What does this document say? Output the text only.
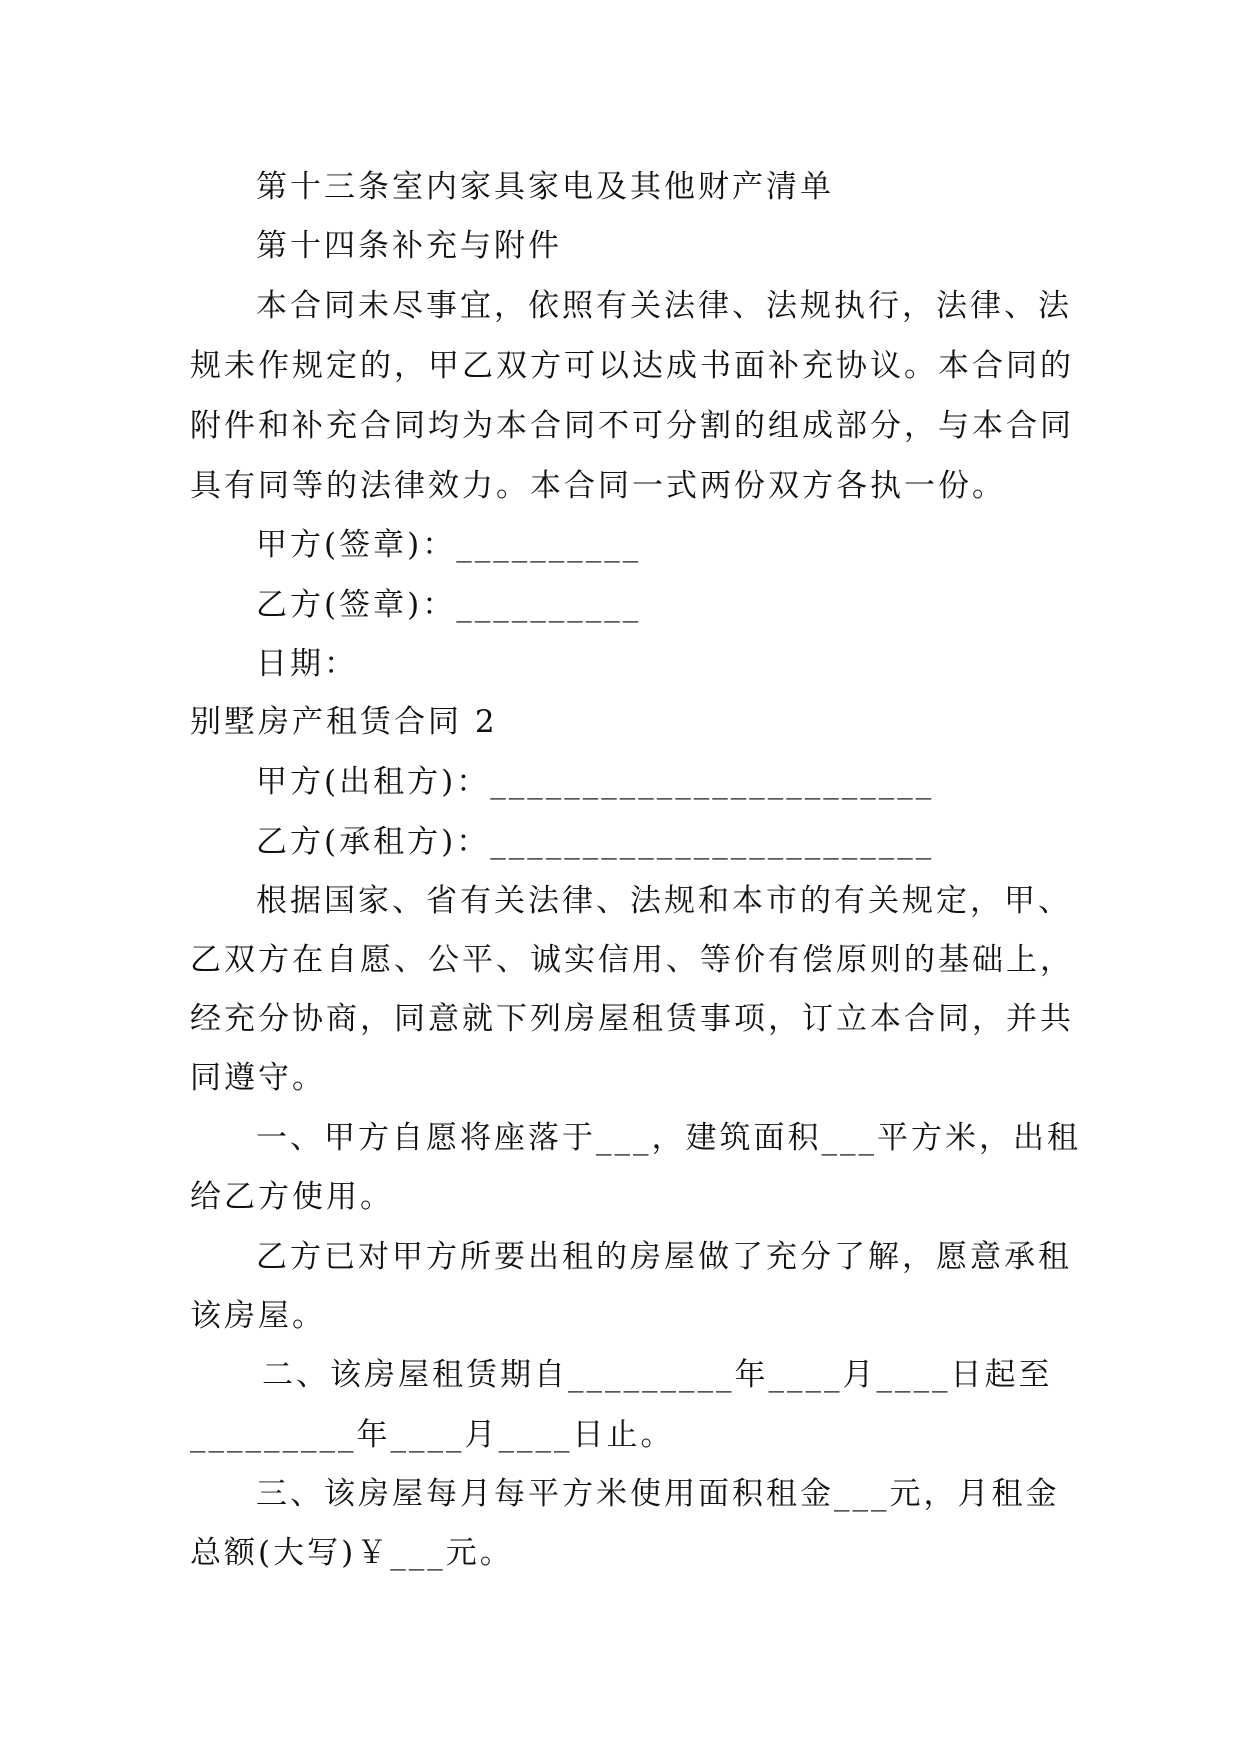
第十三条室内家具家电及其他财产清单
第十四条补充与附件
本合同未尽事宜，依照有关法律、法规执行，法律、法
规未作规定的，甲乙双方可以达成书面补充协议。本合同的
附件和补充合同均为本合同不可分割的组成部分，与本合同
具有同等的法律效力。本合同一式两份双方各执一份。
甲方(签章)：__________
乙方(签章)：__________
日期：
别墅房产租赁合同 2
甲方(出租方)：________________________
乙方(承租方)：________________________
根据国家、省有关法律、法规和本市的有关规定，甲、
乙双方在自愿、公平、诚实信用、等价有偿原则的基础上，
经充分协商，同意就下列房屋租赁事项，订立本合同，并共
同遵守。
一、甲方自愿将座落于___，建筑面积___平方米，出租
给乙方使用。
乙方已对甲方所要出租的房屋做了充分了解，愿意承租
该房屋。
二、该房屋租赁期自_________年____月____日起至
_________年____月____日止。
三、该房屋每月每平方米使用面积租金___元，月租金
总额(大写)￥___元。
